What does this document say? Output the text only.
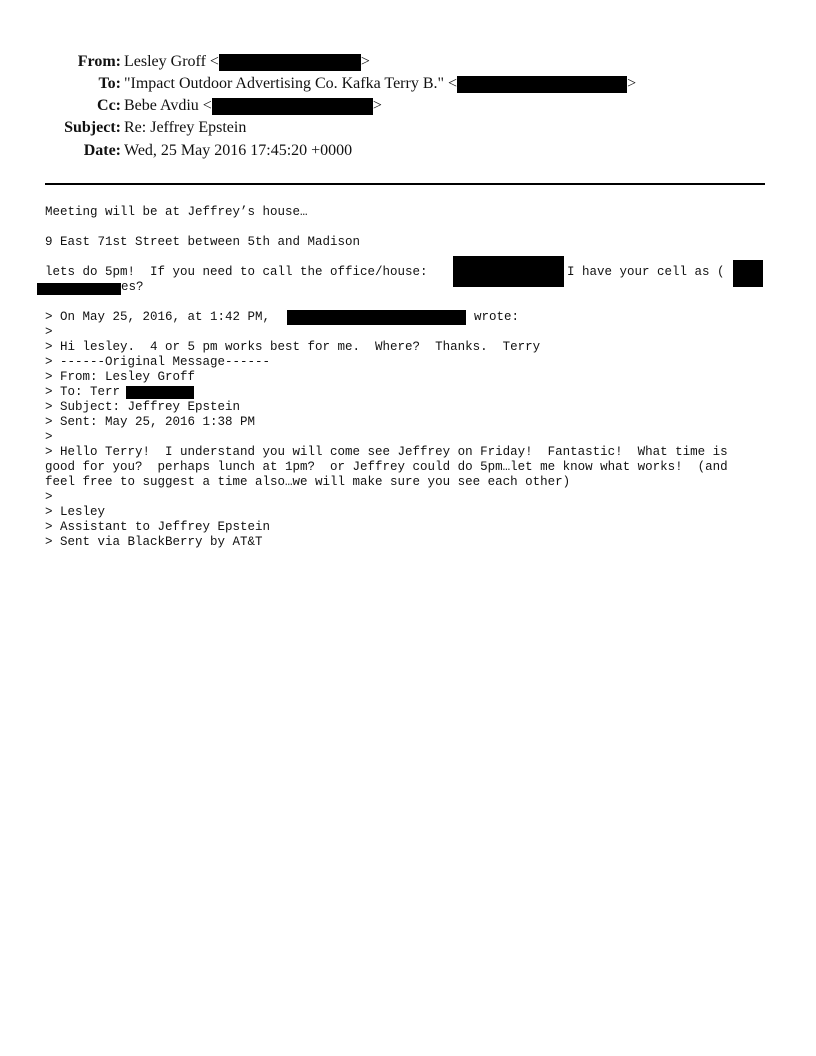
From: Lesley Groff <	>
To: "Impact Outdoor Advertising Co. Kafka Terry B." <	>
Cc: Bebe Avdiu <	>
Subject: Re: Jeffrey Epstein
Date: Wed, 25 May 2016 17:45:20 +0000

Meeting will be at Jeffrey’s house…

9 East 71st Street between 5th and Madison

lets do 5pm!  If you need to call the office/house:

	I have your cell as (

es?

> On May 25, 2016, at 1:42 PM,

	wrote:

>

> Hi lesley.  4 or 5 pm works best for me.  Where?  Thanks.  Terry

> ------Original Message------

> From: Lesley Groff

> To: Terr

> Subject: Jeffrey Epstein

> Sent: May 25, 2016 1:38 PM

>

> Hello Terry!  I understand you will come see Jeffrey on Friday!  Fantastic!  What time is

good for you?  perhaps lunch at 1pm?  or Jeffrey could do 5pm…let me know what works!  (and

feel free to suggest a time also…we will make sure you see each other)

>

> Lesley

> Assistant to Jeffrey Epstein

> Sent via BlackBerry by AT&T
